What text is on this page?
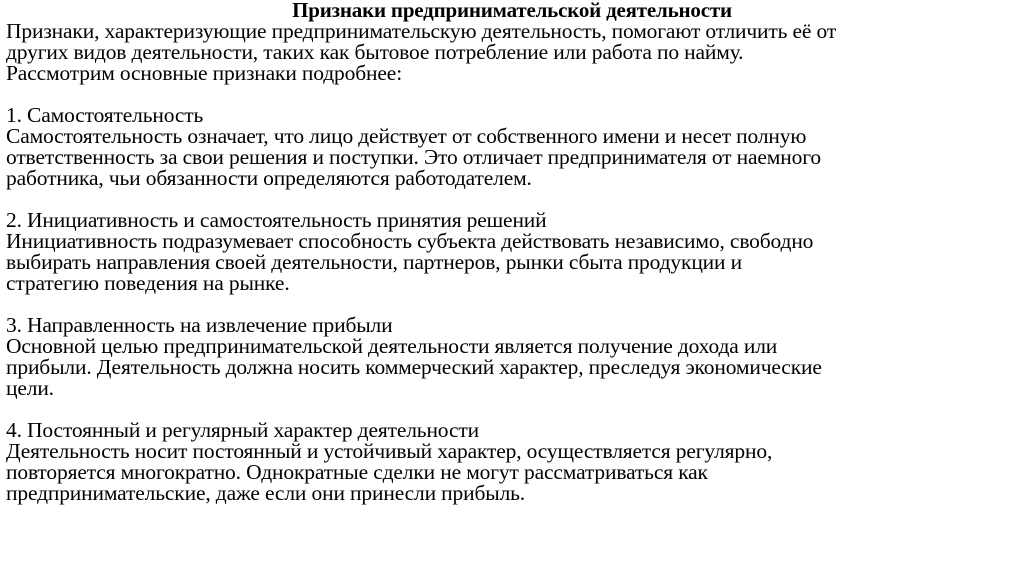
Признаки предпринимательской деятельности

Признаки, характеризующие предпринимательскую деятельность, помогают отличить её от
других видов деятельности, таких как бытовое потребление или работа по найму.
Рассмотрим основные признаки подробнее:
1. Самостоятельность
Самостоятельность означает, что лицо действует от собственного имени и несет полную
ответственность за свои решения и поступки. Это отличает предпринимателя от наемного
работника, чьи обязанности определяются работодателем.
2. Инициативность и самостоятельность принятия решений
Инициативность подразумевает способность субъекта действовать независимо, свободно
выбирать направления своей деятельности, партнеров, рынки сбыта продукции и
стратегию поведения на рынке.
3. Направленность на извлечение прибыли
Основной целью предпринимательской деятельности является получение дохода или
прибыли. Деятельность должна носить коммерческий характер, преследуя экономические
цели.
4. Постоянный и регулярный характер деятельности
Деятельность носит постоянный и устойчивый характер, осуществляется регулярно,
повторяется многократно. Однократные сделки не могут рассматриваться как
предпринимательские, даже если они принесли прибыль.
